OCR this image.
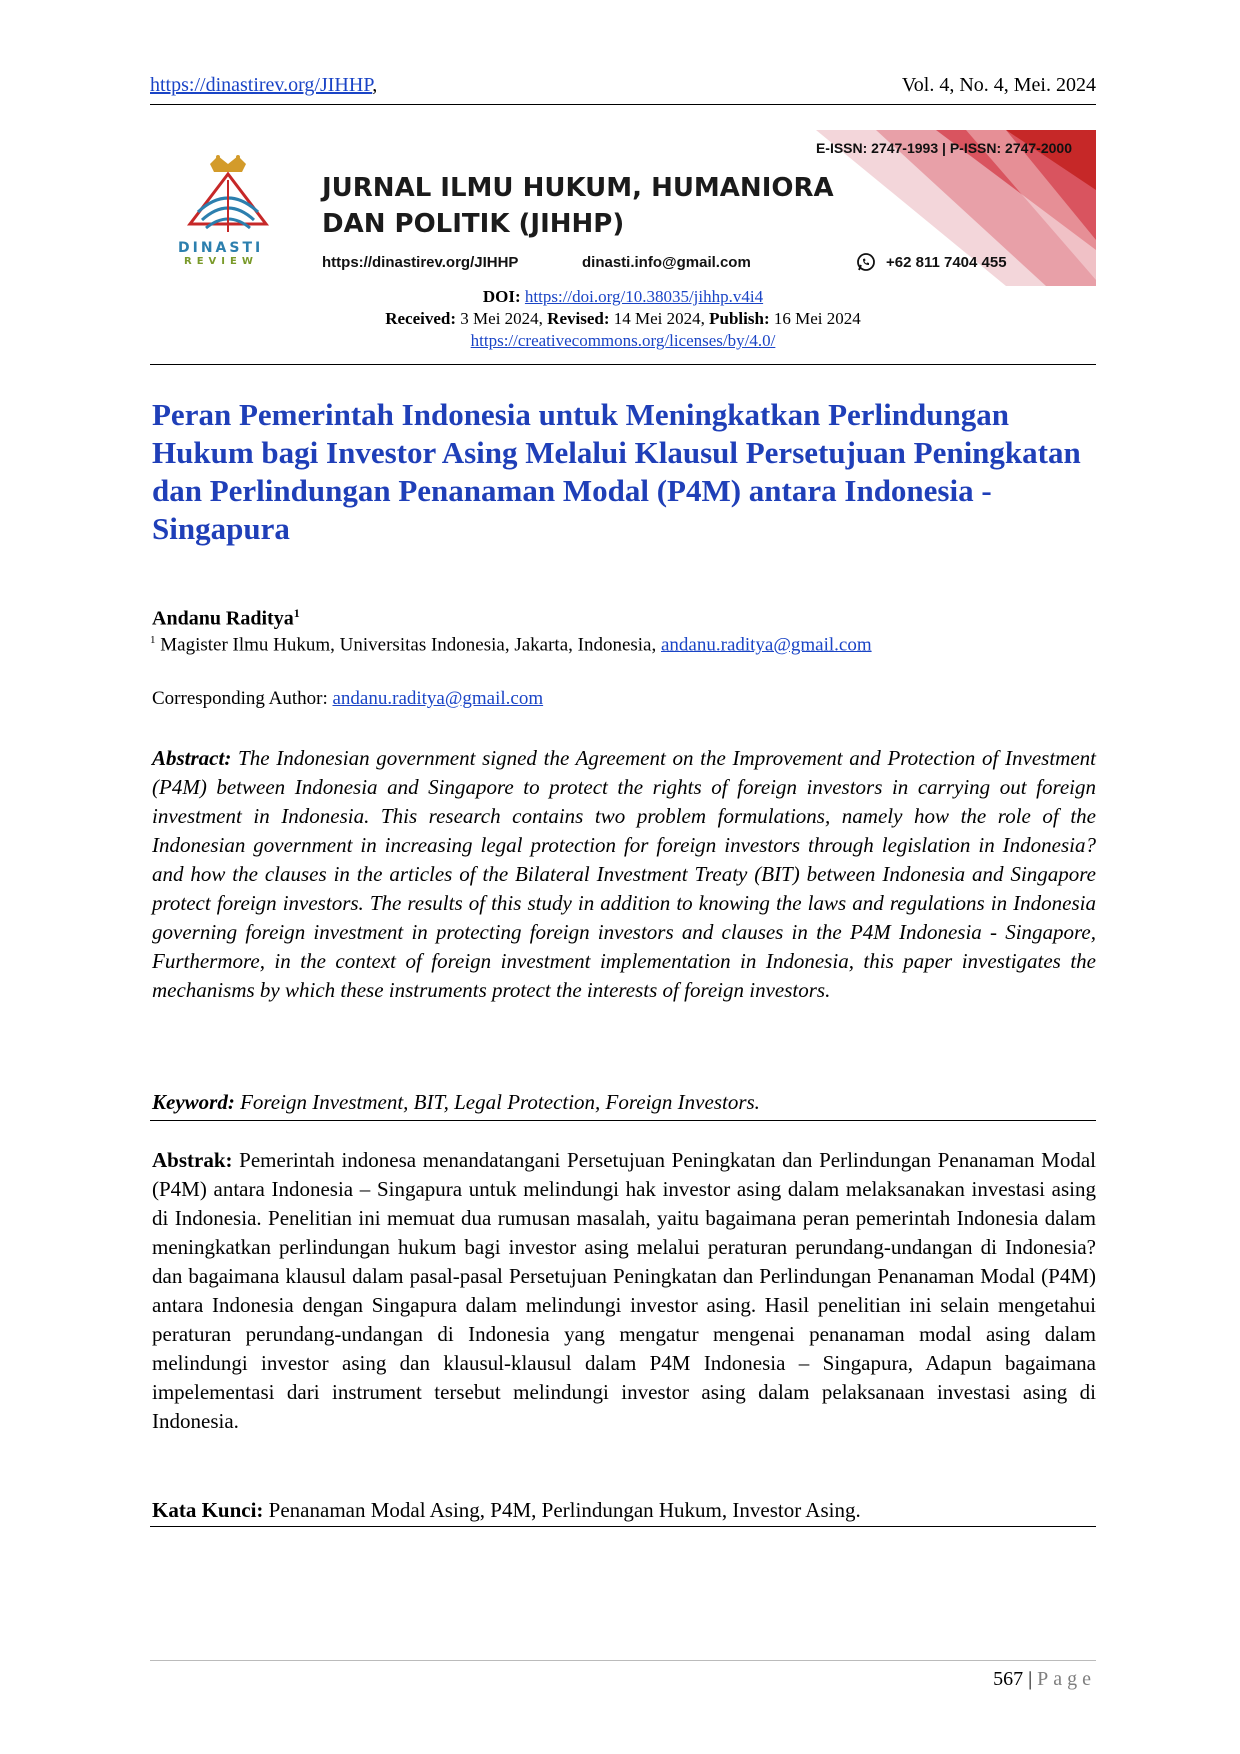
https://dinastirev.org/JIHHP,	Vol. 4, No. 4, Mei. 2024
DINASTI
REVIEW
E-ISSN: 2747-1993 | P-ISSN: 2747-2000
JURNAL ILMU HUKUM, HUMANIORA
DAN POLITIK (JIHHP)
https://dinastirev.org/JIHHP	dinasti.info@gmail.com	+62 811 7404 455
DOI: https://doi.org/10.38035/jihhp.v4i4
Received: 3 Mei 2024, Revised: 14 Mei 2024, Publish: 16 Mei 2024
https://creativecommons.org/licenses/by/4.0/
Peran Pemerintah Indonesia untuk Meningkatkan Perlindungan Hukum bagi Investor Asing Melalui Klausul Persetujuan Peningkatan dan Perlindungan Penanaman Modal (P4M) antara Indonesia - Singapura
Andanu Raditya$^1$
$^1$ Magister Ilmu Hukum, Universitas Indonesia, Jakarta, Indonesia, andanu.raditya@gmail.com
Corresponding Author: andanu.raditya@gmail.com
Abstract: The Indonesian government signed the Agreement on the Improvement and Protection of Investment (P4M) between Indonesia and Singapore to protect the rights of foreign investors in carrying out foreign investment in Indonesia. This research contains two problem formulations, namely how the role of the Indonesian government in increasing legal protection for foreign investors through legislation in Indonesia? and how the clauses in the articles of the Bilateral Investment Treaty (BIT) between Indonesia and Singapore protect foreign investors. The results of this study in addition to knowing the laws and regulations in Indonesia governing foreign investment in protecting foreign investors and clauses in the P4M Indonesia - Singapore, Furthermore, in the context of foreign investment implementation in Indonesia, this paper investigates the mechanisms by which these instruments protect the interests of foreign investors.
Keyword: Foreign Investment, BIT, Legal Protection, Foreign Investors.
Abstrak: Pemerintah indonesa menandatangani Persetujuan Peningkatan dan Perlindungan Penanaman Modal (P4M) antara Indonesia – Singapura untuk melindungi hak investor asing dalam melaksanakan investasi asing di Indonesia. Penelitian ini memuat dua rumusan masalah, yaitu bagaimana peran pemerintah Indonesia dalam meningkatkan perlindungan hukum bagi investor asing melalui peraturan perundang-undangan di Indonesia? dan bagaimana klausul dalam pasal-pasal Persetujuan Peningkatan dan Perlindungan Penanaman Modal (P4M) antara Indonesia dengan Singapura dalam melindungi investor asing. Hasil penelitian ini selain mengetahui peraturan perundang-undangan di Indonesia yang mengatur mengenai penanaman modal asing dalam melindungi investor asing dan klausul-klausul dalam P4M Indonesia – Singapura, Adapun bagaimana impelementasi dari instrument tersebut melindungi investor asing dalam pelaksanaan investasi asing di Indonesia.
Kata Kunci: Penanaman Modal Asing, P4M, Perlindungan Hukum, Investor Asing.
567 | Page
